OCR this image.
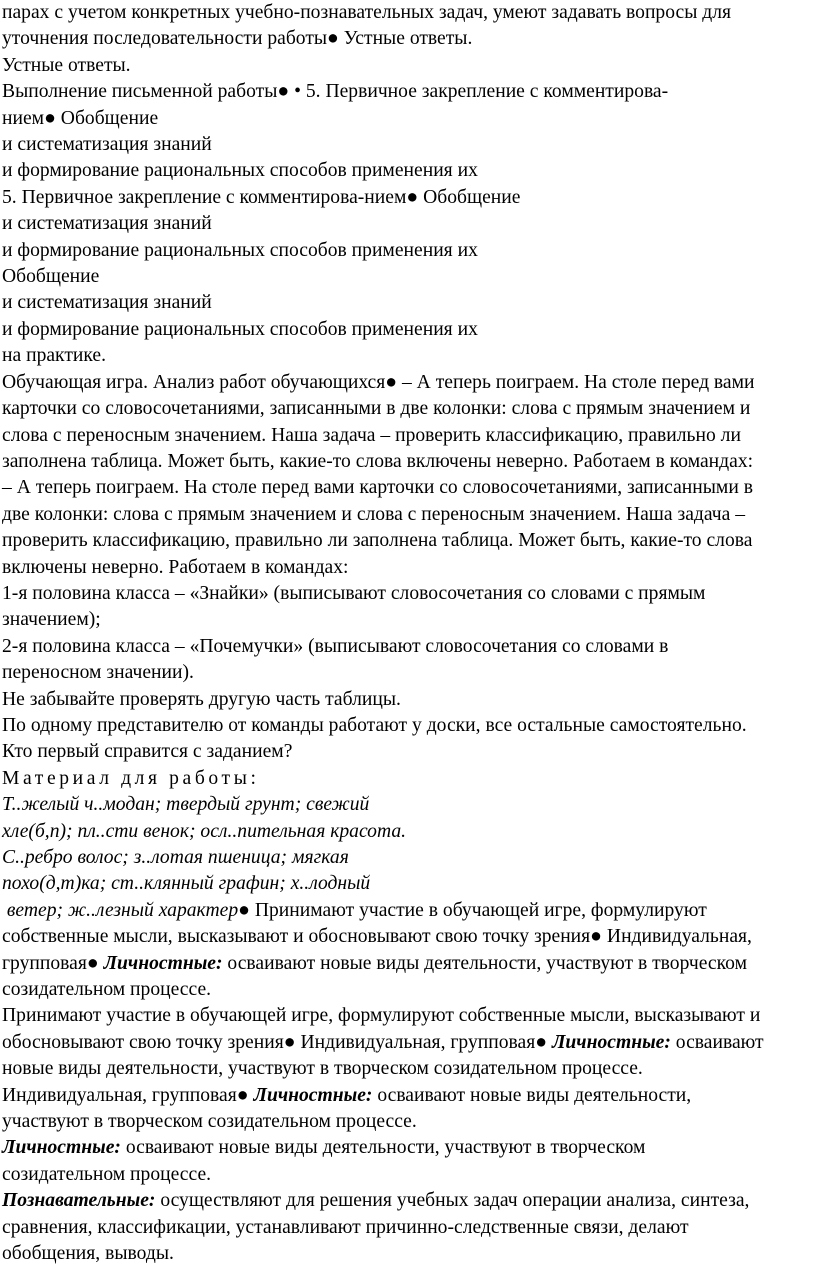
парах с учетом конкретных учебно-познавательных задач, умеют задавать вопросы для

уточнения последовательности работы● Устные ответы.

Устные ответы.

Выполнение письменной работы● • 5. Первичное закрепление с комментирова-

нием● Обобщение

и систематизация знаний

и формирование рациональных способов применения их

5. Первичное закрепление с комментирова-нием● Обобщение

и систематизация знаний

и формирование рациональных способов применения их

Обобщение

и систематизация знаний

и формирование рациональных способов применения их

на практике.

Обучающая игра. Анализ работ обучающихся● – А теперь поиграем. На столе перед вами

карточки со словосочетаниями, записанными в две колонки: слова с прямым значением и

слова с переносным значением. Наша задача – проверить классификацию, правильно ли

заполнена таблица. Может быть, какие-то слова включены неверно. Работаем в командах:

– А теперь поиграем. На столе перед вами карточки со словосочетаниями, записанными в

две колонки: слова с прямым значением и слова с переносным значением. Наша задача –

проверить классификацию, правильно ли заполнена таблица. Может быть, какие-то слова

включены неверно. Работаем в командах:

1-я половина класса – «Знайки» (выписывают словосочетания со словами с прямым

значением);

2-я половина класса – «Почемучки» (выписывают словосочетания со словами в

переносном значении).

Не забывайте проверять другую часть таблицы.

По одному представителю от команды работают у доски, все остальные самостоятельно.

Кто первый справится с заданием?

Материал для работы:

Т..желый ч..модан; твердый грунт; свежий

хле(б,п); пл..сти венок; осл..пительная красота.

С..ребро волос; з..лотая пшеница; мягкая

похо(д,т)ка; ст..клянный графин; х..лодный

ветер; ж..лезный характер● Принимают участие в обучающей игре, формулируют

собственные мысли, высказывают и обосновывают свою точку зрения● Индивидуальная,

групповая● Личностные: осваивают новые виды деятельности, участвуют в творческом

созидательном процессе.

Принимают участие в обучающей игре, формулируют собственные мысли, высказывают и

обосновывают свою точку зрения● Индивидуальная, групповая● Личностные: осваивают

новые виды деятельности, участвуют в творческом созидательном процессе.

Индивидуальная, групповая● Личностные: осваивают новые виды деятельности,

участвуют в творческом созидательном процессе.

Личностные: осваивают новые виды деятельности, участвуют в творческом

созидательном процессе.

Познавательные: осуществляют для решения учебных задач операции анализа, синтеза,

сравнения, классификации, устанавливают причинно-следственные связи, делают

обобщения, выводы.
